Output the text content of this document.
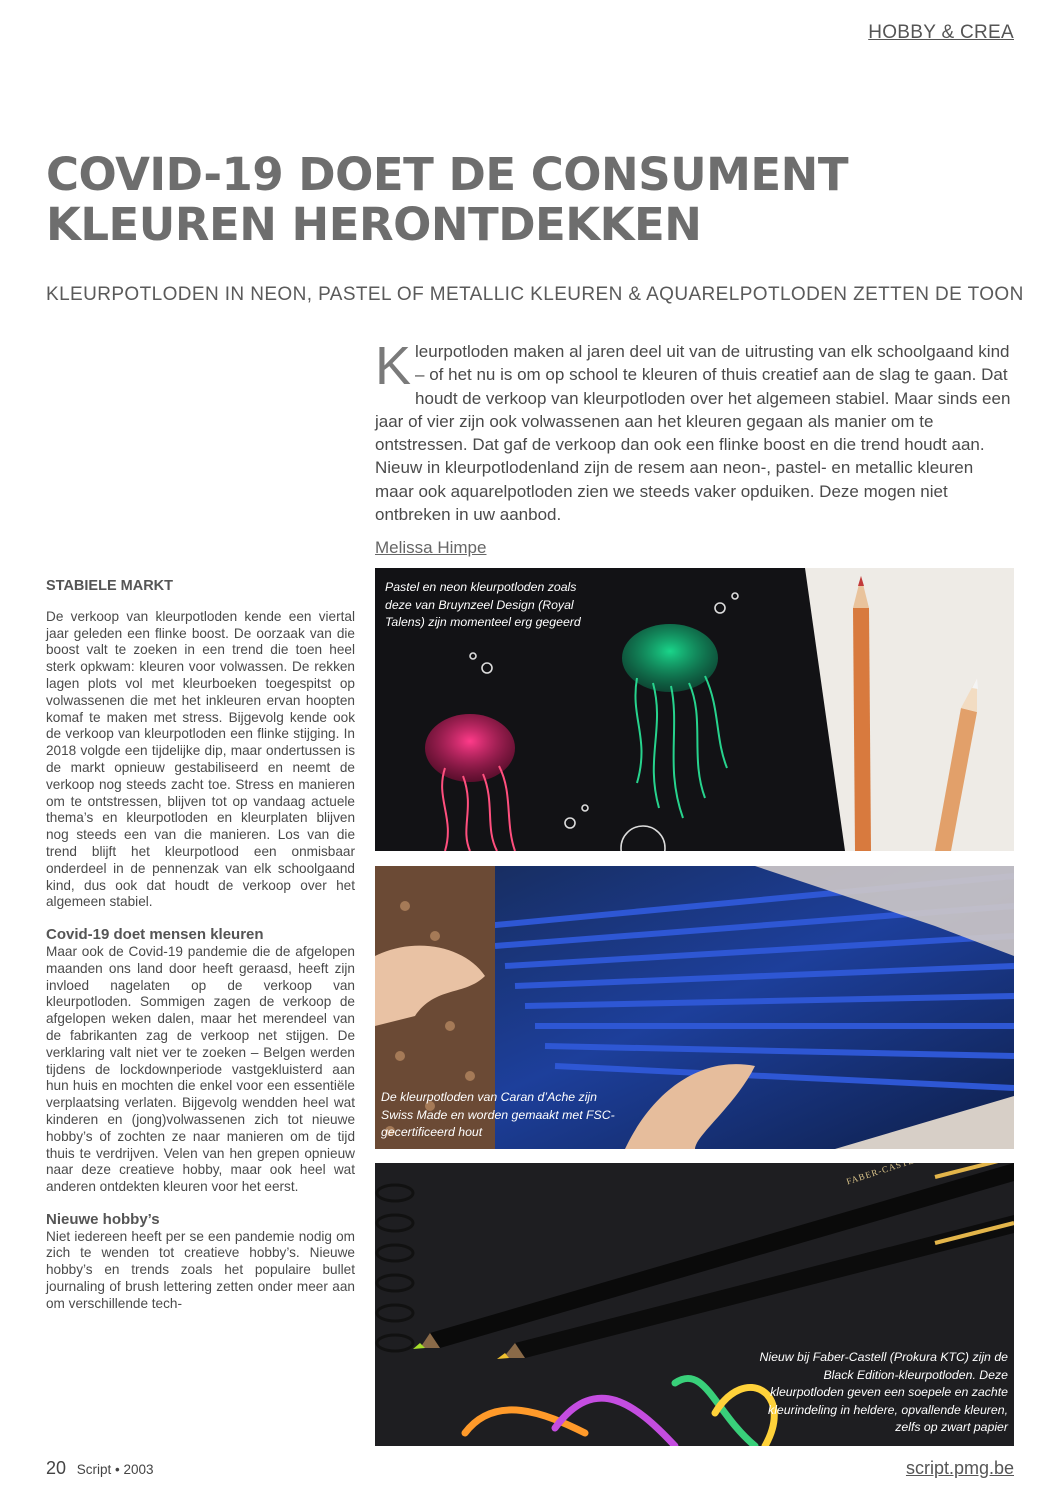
HOBBY & CREA
COVID-19 DOET DE CONSUMENT
KLEUREN HERONTDEKKEN
KLEURPOTLODEN IN NEON, PASTEL OF METALLIC KLEUREN & AQUARELPOTLODEN ZETTEN DE TOON
Kleurpotloden maken al jaren deel uit van de uitrusting van elk schoolgaand kind – of het nu is om op school te kleuren of thuis creatief aan de slag te gaan. Dat houdt de verkoop van kleurpotloden over het algemeen stabiel. Maar sinds een jaar of vier zijn ook volwassenen aan het kleuren gegaan als manier om te ontstressen. Dat gaf de verkoop dan ook een flinke boost en die trend houdt aan. Nieuw in kleurpotlodenland zijn de resem aan neon-, pastel- en metallic kleuren maar ook aquarelpotloden zien we steeds vaker opduiken. Deze mogen niet ontbreken in uw aanbod.
Melissa Himpe
STABIELE MARKT

De verkoop van kleurpotloden kende een viertal jaar geleden een flinke boost. De oorzaak van die boost valt te zoeken in een trend die toen heel sterk opkwam: kleuren voor volwassen. De rekken lagen plots vol met kleurboeken toegespitst op volwassenen die met het inkleuren ervan hoopten komaf te maken met stress. Bijgevolg kende ook de verkoop van kleurpotloden een flinke stijging. In 2018 volgde een tijdelijke dip, maar ondertussen is de markt opnieuw gestabiliseerd en neemt de verkoop nog steeds zacht toe. Stress en manieren om te ontstressen, blijven tot op vandaag actuele thema’s en kleurpotloden en kleurplaten blijven nog steeds een van die manieren. Los van die trend blijft het kleurpotlood een onmisbaar onderdeel in de pennenzak van elk schoolgaand kind, dus ook dat houdt de verkoop over het algemeen stabiel.

Covid-19 doet mensen kleuren

Maar ook de Covid-19 pandemie die de afgelopen maanden ons land door heeft geraasd, heeft zijn invloed nagelaten op de verkoop van kleurpotloden. Sommigen zagen de verkoop de afgelopen weken dalen, maar het merendeel van de fabrikanten zag de verkoop net stijgen. De verklaring valt niet ver te zoeken – Belgen werden tijdens de lockdownperiode vastgekluisterd aan hun huis en mochten die enkel voor een essentiële verplaatsing verlaten. Bijgevolg wendden heel wat kinderen en (jong)volwassenen zich tot nieuwe hobby’s of zochten ze naar manieren om de tijd thuis te verdrijven. Velen van hen grepen opnieuw naar deze creatieve hobby, maar ook heel wat anderen ontdekten kleuren voor het eerst.

Nieuwe hobby’s

Niet iedereen heeft per se een pandemie nodig om zich te wenden tot creatieve hobby’s. Nieuwe hobby’s en trends zoals het populaire bullet journaling of brush lettering zetten onder meer aan om verschillende tech-

Pastel en neon kleurpotloden zoals deze van Bruynzeel Design (Royal Talens) zijn momenteel erg gegeerd
De kleurpotloden van Caran d’Ache zijn Swiss Made en worden gemaakt met FSC-gecertificeerd hout
Nieuw bij Faber-Castell (Prokura KTC) zijn de Black Edition-kleurpotloden. Deze kleurpotloden geven een soepele en zachte kleurindeling in heldere, opvallende kleuren, zelfs op zwart papier
20 Script • 2003	script.pmg.be
